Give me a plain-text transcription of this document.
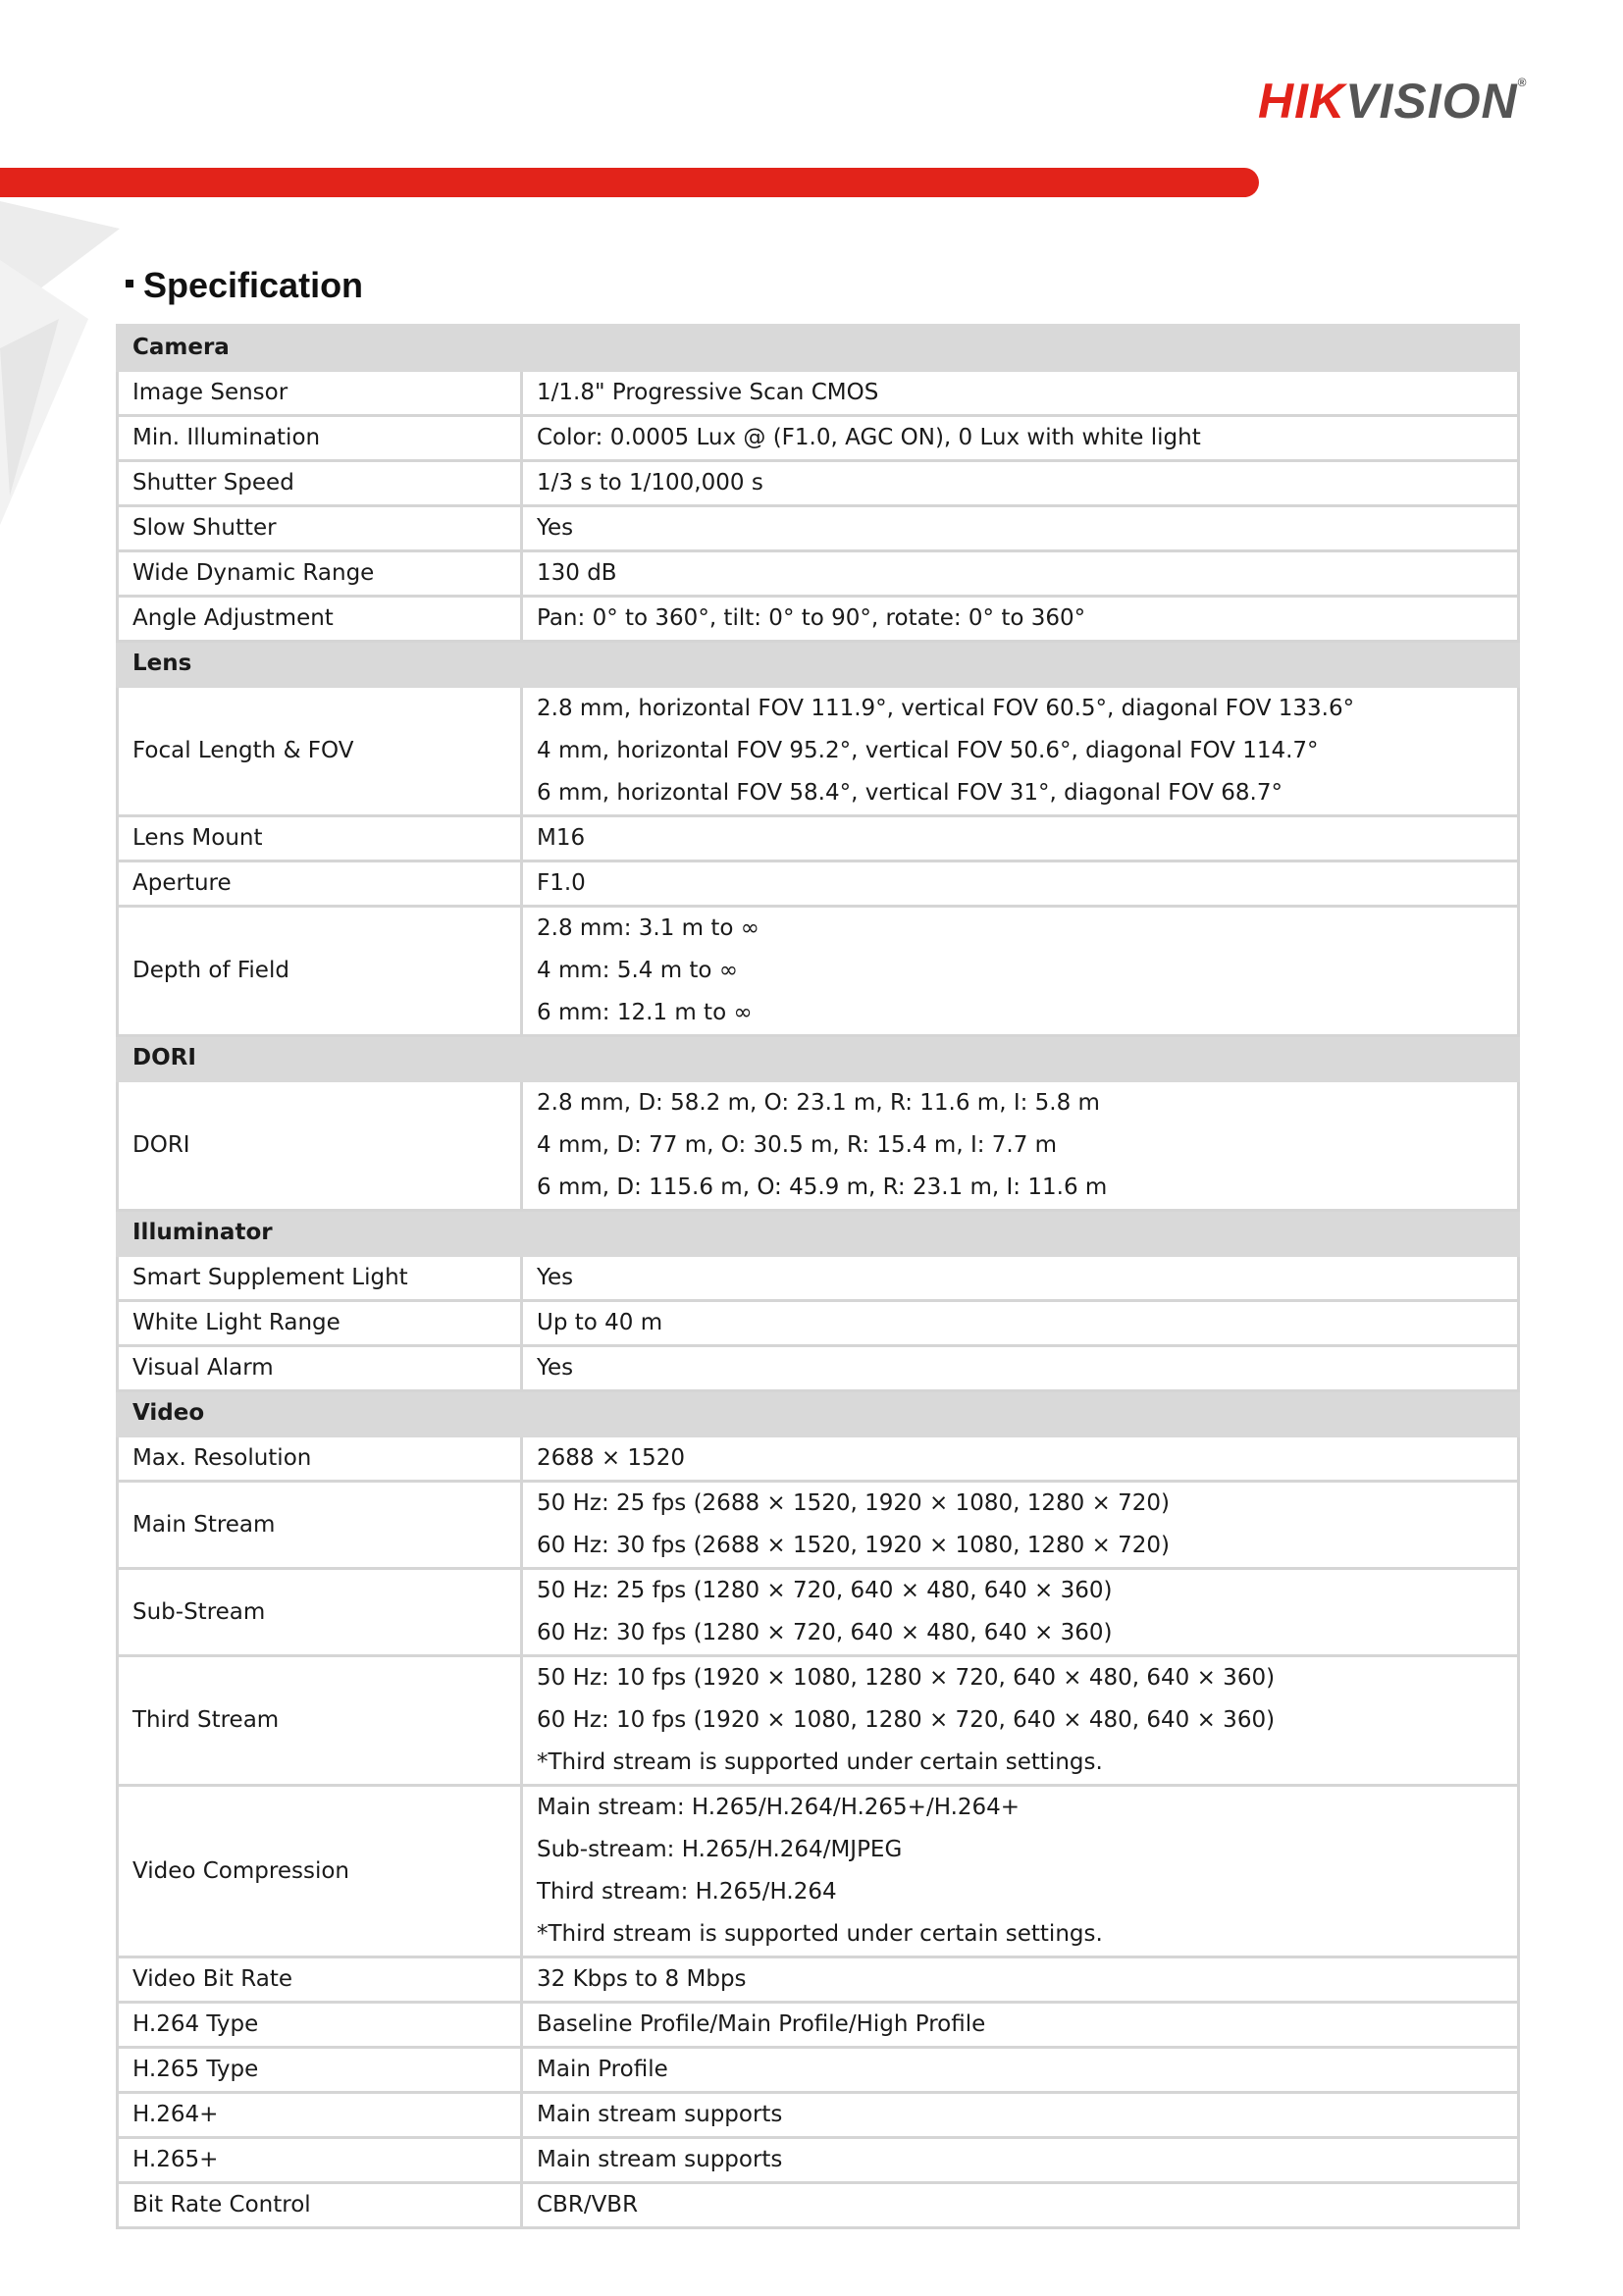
HIKVISION®
Specification
Camera	
Image Sensor	1/1.8" Progressive Scan CMOS

Min. Illumination	Color: 0.0005 Lux @ (F1.0, AGC ON), 0 Lux with white light

Shutter Speed	1/3 s to 1/100,000 s

Slow Shutter	Yes

Wide Dynamic Range	130 dB

Angle Adjustment	Pan: 0° to 360°, tilt: 0° to 90°, rotate: 0° to 360°

Lens	
Focal Length & FOV	2.8 mm, horizontal FOV 111.9°, vertical FOV 60.5°, diagonal FOV 133.6°
4 mm, horizontal FOV 95.2°, vertical FOV 50.6°, diagonal FOV 114.7°
6 mm, horizontal FOV 58.4°, vertical FOV 31°, diagonal FOV 68.7°

Lens Mount	M16

Aperture	F1.0

Depth of Field	2.8 mm: 3.1 m to ∞
4 mm: 5.4 m to ∞
6 mm: 12.1 m to ∞

DORI	
DORI	2.8 mm, D: 58.2 m, O: 23.1 m, R: 11.6 m, I: 5.8 m
4 mm, D: 77 m, O: 30.5 m, R: 15.4 m, I: 7.7 m
6 mm, D: 115.6 m, O: 45.9 m, R: 23.1 m, I: 11.6 m

Illuminator	
Smart Supplement Light	Yes

White Light Range	Up to 40 m

Visual Alarm	Yes

Video	
Max. Resolution	2688 × 1520

Main Stream	50 Hz: 25 fps (2688 × 1520, 1920 × 1080, 1280 × 720)
60 Hz: 30 fps (2688 × 1520, 1920 × 1080, 1280 × 720)

Sub-Stream	50 Hz: 25 fps (1280 × 720, 640 × 480, 640 × 360)
60 Hz: 30 fps (1280 × 720, 640 × 480, 640 × 360)

Third Stream	50 Hz: 10 fps (1920 × 1080, 1280 × 720, 640 × 480, 640 × 360)
60 Hz: 10 fps (1920 × 1080, 1280 × 720, 640 × 480, 640 × 360)
*Third stream is supported under certain settings.

Video Compression	Main stream: H.265/H.264/H.265+/H.264+
Sub-stream: H.265/H.264/MJPEG
Third stream: H.265/H.264
*Third stream is supported under certain settings.

Video Bit Rate	32 Kbps to 8 Mbps

H.264 Type	Baseline Profile/Main Profile/High Profile

H.265 Type	Main Profile

H.264+	Main stream supports

H.265+	Main stream supports

Bit Rate Control	CBR/VBR
